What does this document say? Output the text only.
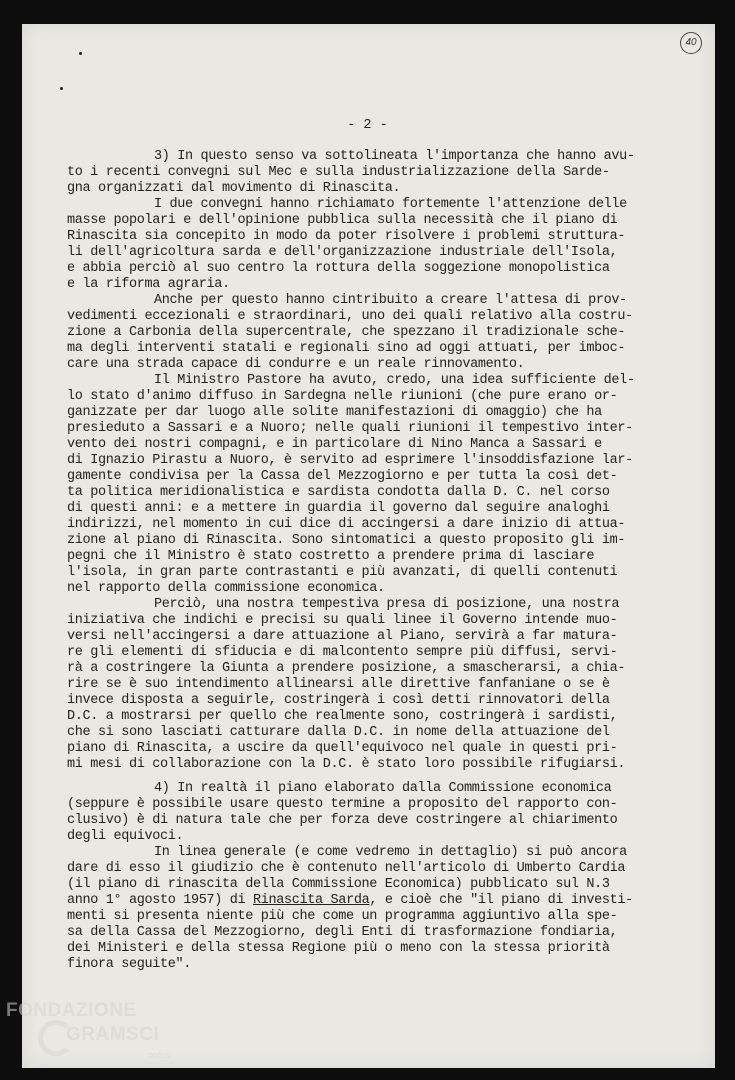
40
- 2 -
3) In questo senso va sottolineata l'importanza che hanno avu-
to i recenti convegni sul Mec e sulla industrializzazione della Sarde-
gna organizzati dal movimento di Rinascita.
I due convegni hanno richiamato fortemente l'attenzione delle
masse popolari e dell'opinione pubblica sulla necessità che il piano di
Rinascita sia concepito in modo da poter risolvere i problemi struttura-
li dell'agricoltura sarda e dell'organizzazione industriale dell'Isola,
e abbia perciò al suo centro la rottura della soggezione monopolistica
e la riforma agraria.
Anche per questo hanno cintribuito a creare l'attesa di prov-
vedimenti eccezionali e straordinari, uno dei quali relativo alla costru-
zione a Carbonia della supercentrale, che spezzano il tradizionale sche-
ma degli interventi statali e regionali sino ad oggi attuati, per imboc-
care una strada capace di condurre e un reale rinnovamento.
Il Ministro Pastore ha avuto, credo, una idea sufficiente del-
lo stato d'animo diffuso in Sardegna nelle riunioni (che pure erano or-
ganizzate per dar luogo alle solite manifestazioni di omaggio) che ha
presieduto a Sassari e a Nuoro; nelle quali riunioni il tempestivo inter-
vento dei nostri compagni, e in particolare di Nino Manca a Sassari e
di Ignazio Pirastu a Nuoro, è servito ad esprimere l'insoddisfazione lar-
gamente condivisa per la Cassa del Mezzogiorno e per tutta la così det-
ta politica meridionalistica e sardista condotta dalla D. C. nel corso
di questi anni: e a mettere in guardia il governo dal seguire analoghi
indirizzi, nel momento in cui dice di accingersi a dare inizio di attua-
zione al piano di Rinascita. Sono sintomatici a questo proposito gli im-
pegni che il Ministro è stato costretto a prendere prima di lasciare
l'isola, in gran parte contrastanti e più avanzati, di quelli contenuti
nel rapporto della commissione economica.
Perciò, una nostra tempestiva presa di posizione, una nostra
iniziativa che indichi e precisi su quali linee il Governo intende muo-
versi nell'accingersi a dare attuazione al Piano, servirà a far matura-
re gli elementi di sfiducia e di malcontento sempre più diffusi, servi-
rà a costringere la Giunta a prendere posizione, a smascherarsi, a chia-
rire se è suo intendimento allinearsi alle direttive fanfaniane o se è
invece disposta a seguirle, costringerà i così detti rinnovatori della
D.C. a mostrarsi per quello che realmente sono, costringerà i sardisti,
che si sono lasciati catturare dalla D.C. in nome della attuazione del
piano di Rinascita, a uscire da quell'equivoco nel quale in questi pri-
mi mesi di collaborazione con la D.C. è stato loro possibile rifugiarsi.
4) In realtà il piano elaborato dalla Commissione economica
(seppure è possibile usare questo termine a proposito del rapporto con-
clusivo) è di natura tale che per forza deve costringere al chiarimento
degli equivoci.
In linea generale (e come vedremo in dettaglio) si può ancora
dare di esso il giudizio che è contenuto nell'articolo di Umberto Cardia
(il piano di rinascita della Commissione Economica) pubblicato sul N.3
anno 1° agosto 1957) di Rinascita Sarda, e cioè che "il piano di investi-
menti si presenta niente più che come un programma aggiuntivo alla spe-
sa della Cassa del Mezzogiorno, degli Enti di trasformazione fondiaria,
dei Ministeri e della stessa Regione più o meno con la stessa priorità
finora seguite".
FONDAZIONE
GRAMSCI
onlus
